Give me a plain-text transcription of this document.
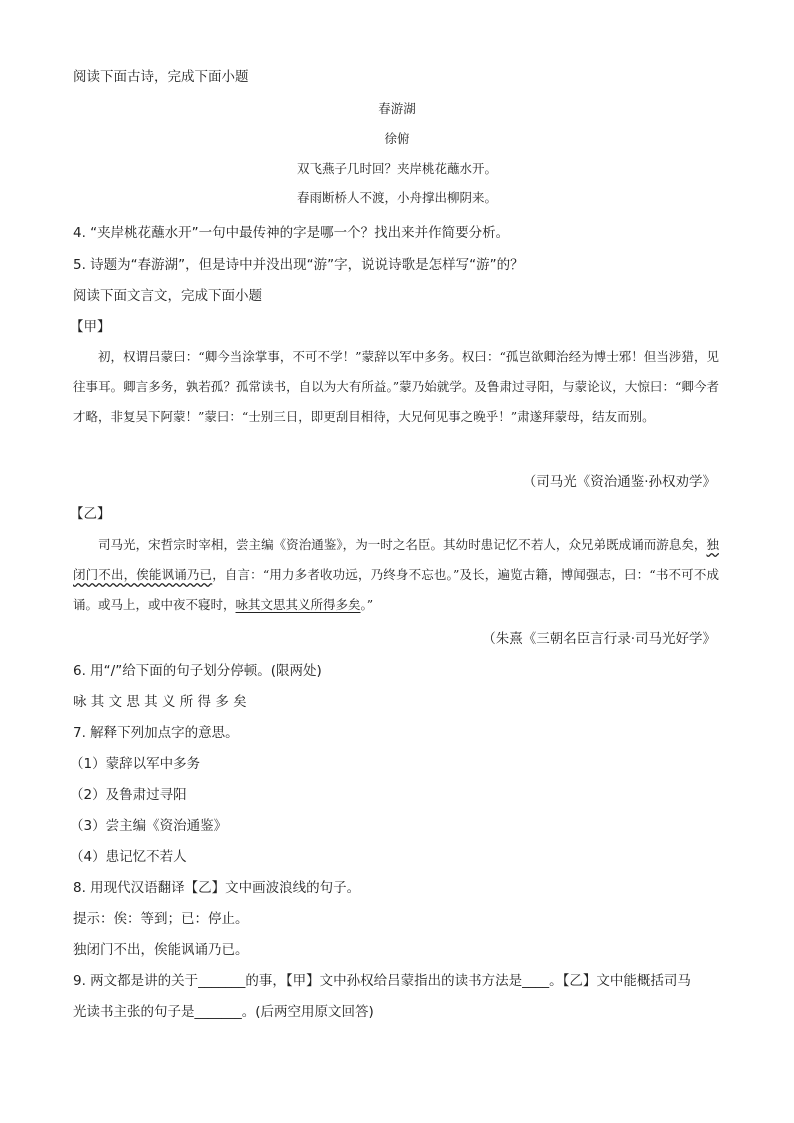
阅读下面古诗，完成下面小题
春游湖
徐俯
双飞燕子几时回？夹岸桃花蘸水开。
春雨断桥人不渡，小舟撑出柳阴来。
4. “夹岸桃花蘸水开”一句中最传神的字是哪一个？找出来并作简要分析。
5. 诗题为“春游湖”，但是诗中并没出现“游”字，说说诗歌是怎样写“游”的？
阅读下面文言文，完成下面小题
【甲】

初，权谓吕蒙曰：“卿今当涂掌事，不可不学！”蒙辞以军中多务。权曰：“孤岂欲卿治经为博士邪！但当涉猎，见往事耳。卿言多务，孰若孤？孤常读书，自以为大有所益。”蒙乃始就学。及鲁肃过寻阳，与蒙论议，大惊曰：“卿今者才略，非复吴下阿蒙！”蒙曰：“士别三日，即更刮目相待，大兄何见事之晚乎！”肃遂拜蒙母，结友而别。

（司马光《资治通鉴·孙权劝学》
【乙】

司马光，宋哲宗时宰相，尝主编《资治通鉴》，为一时之名臣。其幼时患记忆不若人，众兄弟既成诵而游息矣，独闭门不出，俟能讽诵乃已，自言：“用力多者收功远，乃终身不忘也。”及长，遍览古籍，博闻强志，曰：“书不可不成诵。或马上，或中夜不寝时，咏其文思其义所得多矣。”

（朱熹《三朝名臣言行录·司马光好学》
6. 用“/”给下面的句子划分停顿。(限两处)
咏 其 文 思 其 义 所 得 多 矣
7. 解释下列加点字的意思。
（1）蒙辞以军中多务
（2）及鲁肃过寻阳
（3）尝主编《资治通鉴》
（4）患记忆不若人
8. 用现代汉语翻译【乙】文中画波浪线的句子。
提示：俟：等到；已：停止。
独闭门不出，俟能讽诵乃已。
9. 两文都是讲的关于_______的事，【甲】文中孙权给吕蒙指出的读书方法是____。【乙】文中能概括司马
光读书主张的句子是_______。(后两空用原文回答)
